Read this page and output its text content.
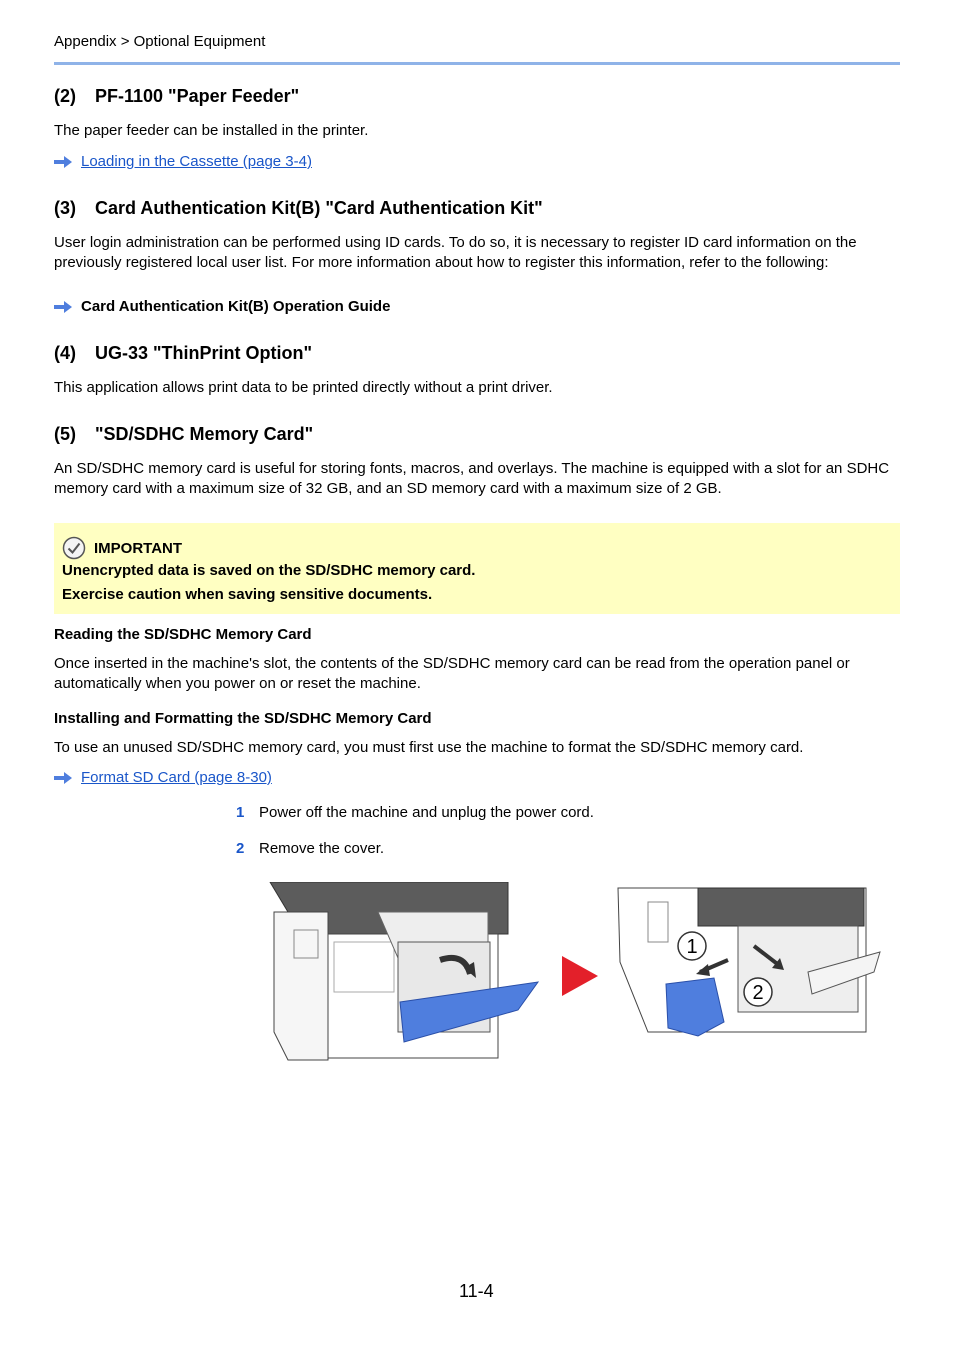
Appendix > Optional Equipment
(2) PF-1100 "Paper Feeder"
The paper feeder can be installed in the printer.
Loading in the Cassette (page 3-4)
(3) Card Authentication Kit(B) "Card Authentication Kit"
User login administration can be performed using ID cards. To do so, it is necessary to register ID card information on the previously registered local user list. For more information about how to register this information, refer to the following:
Card Authentication Kit(B) Operation Guide
(4) UG-33 "ThinPrint Option"
This application allows print data to be printed directly without a print driver.
(5) "SD/SDHC Memory Card"
An SD/SDHC memory card is useful for storing fonts, macros, and overlays. The machine is equipped with a slot for an SDHC memory card with a maximum size of 32 GB, and an SD memory card with a maximum size of 2 GB.
IMPORTANT
Unencrypted data is saved on the SD/SDHC memory card.
Exercise caution when saving sensitive documents.
Reading the SD/SDHC Memory Card
Once inserted in the machine's slot, the contents of the SD/SDHC memory card can be read from the operation panel or automatically when you power on or reset the machine.
Installing and Formatting the SD/SDHC Memory Card
To use an unused SD/SDHC memory card, you must first use the machine to format the SD/SDHC memory card.
Format SD Card (page 8-30)
1 Power off the machine and unplug the power cord.
2 Remove the cover.
1
2
11-4
